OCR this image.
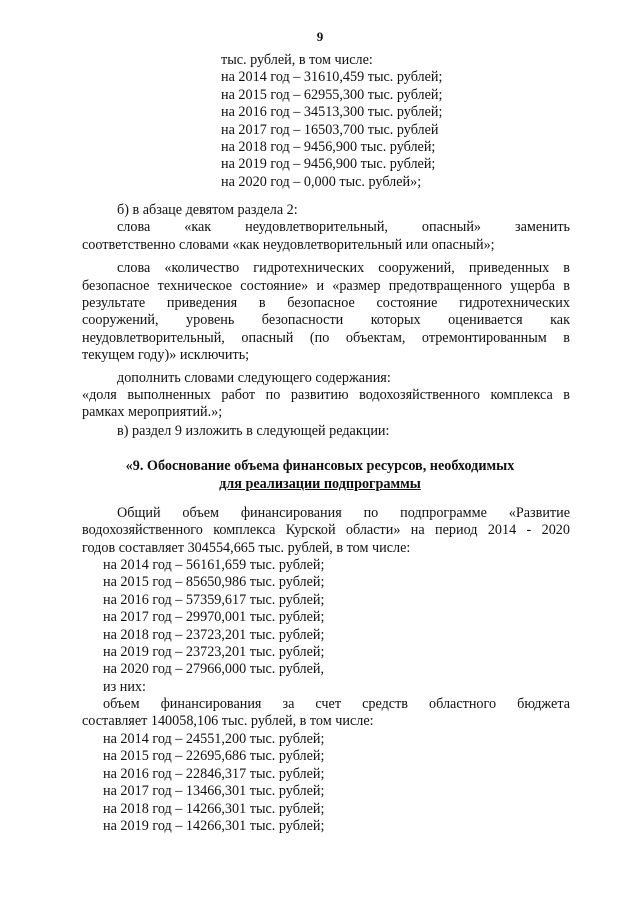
9
тыс. рублей, в том числе:
на 2014 год – 31610,459 тыс. рублей;
на 2015 год – 62955,300 тыс. рублей;
на 2016 год – 34513,300 тыс. рублей;
на 2017 год – 16503,700 тыс. рублей
на 2018 год – 9456,900 тыс. рублей;
на 2019 год – 9456,900 тыс. рублей;
на 2020 год – 0,000 тыс. рублей»;
б) в абзаце девятом раздела 2:
слова «как неудовлетворительный, опасный» заменить
соответственно словами «как неудовлетворительный или опасный»;
слова «количество гидротехнических сооружений, приведенных в
безопасное техническое состояние» и «размер предотвращенного ущерба в
результате приведения в безопасное состояние гидротехнических
сооружений, уровень безопасности которых оценивается как
неудовлетворительный, опасный (по объектам, отремонтированным в
текущем году)» исключить;
дополнить словами следующего содержания:
«доля выполненных работ по развитию водохозяйственного комплекса в
рамках мероприятий.»;
в) раздел 9 изложить в следующей редакции:
«9. Обоснование объема финансовых ресурсов, необходимых
для реализации подпрограммы
Общий объем финансирования по подпрограмме «Развитие
водохозяйственного комплекса Курской области» на период 2014 - 2020
годов составляет 304554,665 тыс. рублей, в том числе:
на 2014 год – 56161,659 тыс. рублей;
на 2015 год – 85650,986 тыс. рублей;
на 2016 год – 57359,617 тыс. рублей;
на 2017 год – 29970,001 тыс. рублей;
на 2018 год – 23723,201 тыс. рублей;
на 2019 год – 23723,201 тыс. рублей;
на 2020 год – 27966,000 тыс. рублей,
из них:
объем финансирования за счет средств областного бюджета
составляет 140058,106 тыс. рублей, в том числе:
на 2014 год – 24551,200 тыс. рублей;
на 2015 год – 22695,686 тыс. рублей;
на 2016 год – 22846,317 тыс. рублей;
на 2017 год – 13466,301 тыс. рублей;
на 2018 год – 14266,301 тыс. рублей;
на 2019 год – 14266,301 тыс. рублей;
